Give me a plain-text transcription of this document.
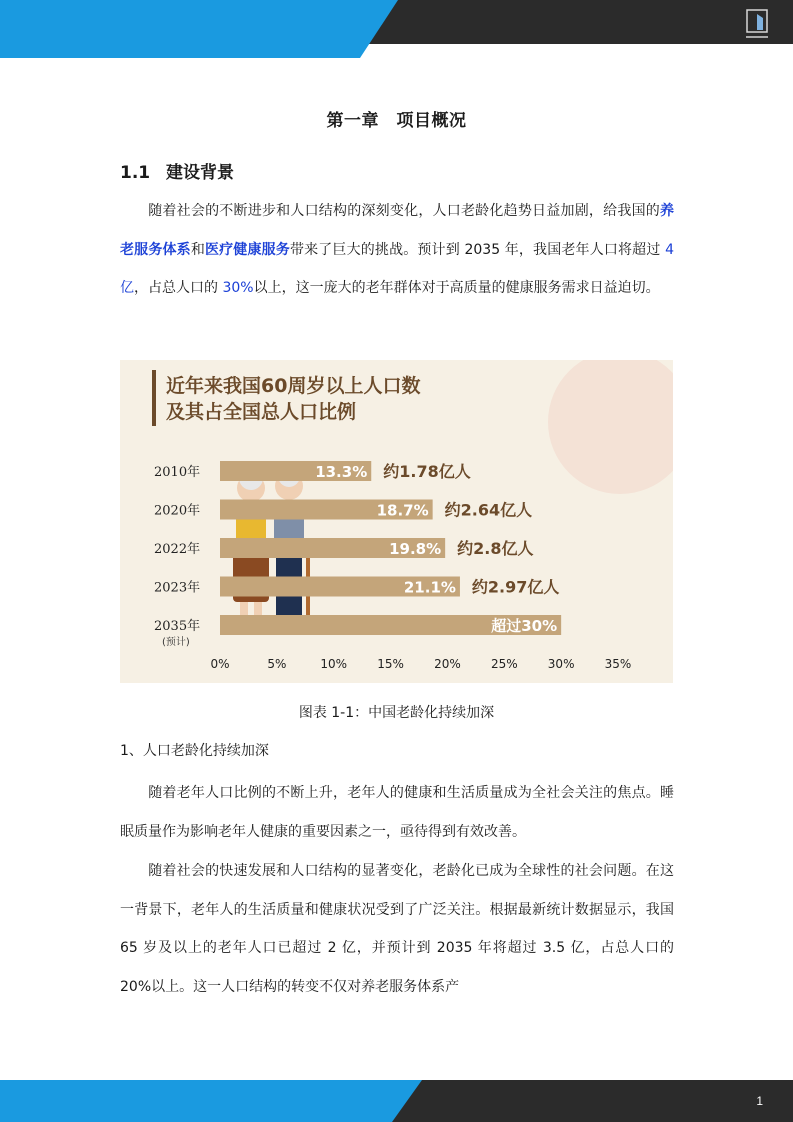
第一章　项目概况
1.1 建设背景
随着社会的不断进步和人口结构的深刻变化，人口老龄化趋势日益加剧，给我国的养老服务体系和医疗健康服务带来了巨大的挑战。预计到 2035 年，我国老年人口将超过 4 亿，占总人口的 30%以上，这一庞大的老年群体对于高质量的健康服务需求日益迫切。
近年来我国60周岁以上人口数
及其占全国总人口比例
2010年	13.3% 约1.78亿人
2020年	18.7% 约2.64亿人
2022年	19.8% 约2.8亿人
2023年	21.1% 约2.97亿人
2035年
(预计)
超过30%
0%	5%	10%	15%	20%	25%	30%	35%
图表 1-1：中国老龄化持续加深
1、人口老龄化持续加深
随着老年人口比例的不断上升，老年人的健康和生活质量成为全社会关注的焦点。睡眠质量作为影响老年人健康的重要因素之一，亟待得到有效改善。
随着社会的快速发展和人口结构的显著变化，老龄化已成为全球性的社会问题。在这一背景下，老年人的生活质量和健康状况受到了广泛关注。根据最新统计数据显示，我国 65 岁及以上的老年人口已超过 2 亿，并预计到 2035 年将超过 3.5 亿，占总人口的 20%以上。这一人口结构的转变不仅对养老服务体系产
1
